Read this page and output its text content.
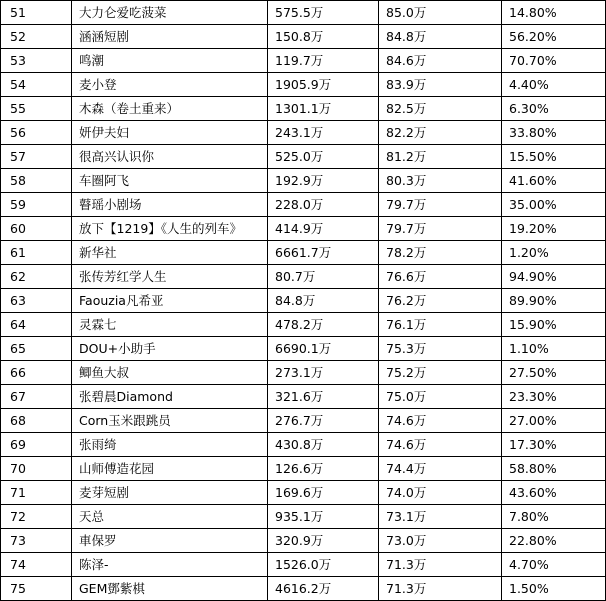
51	大力仑爱吃菠菜	575.5万	85.0万	14.80%
52	涵涵短剧	150.8万	84.8万	56.20%
53	鸣潮	119.7万	84.6万	70.70%
54	麦小登	1905.9万	83.9万	4.40%
55	木森（卷土重来）	1301.1万	82.5万	6.30%
56	妍伊夫妇	243.1万	82.2万	33.80%
57	很高兴认识你	525.0万	81.2万	15.50%
58	车圈阿飞	192.9万	80.3万	41.60%
59	瞽瑶小剧场	228.0万	79.7万	35.00%
60	放下【1219】《人生的列车》	414.9万	79.7万	19.20%
61	新华社	6661.7万	78.2万	1.20%
62	张传芳红学人生	80.7万	76.6万	94.90%
63	Faouzia凡希亚	84.8万	76.2万	89.90%
64	灵霖七	478.2万	76.1万	15.90%
65	DOU+小助手	6690.1万	75.3万	1.10%
66	鲫鱼大叔	273.1万	75.2万	27.50%
67	张碧晨Diamond	321.6万	75.0万	23.30%
68	Corn玉米跟跳员	276.7万	74.6万	27.00%
69	张雨绮	430.8万	74.6万	17.30%
70	山师傅造花园	126.6万	74.4万	58.80%
71	麦芽短剧	169.6万	74.0万	43.60%
72	天总	935.1万	73.1万	7.80%
73	車保罗	320.9万	73.0万	22.80%
74	陈泽-	1526.0万	71.3万	4.70%
75	GEM鄧紫棋	4616.2万	71.3万	1.50%
